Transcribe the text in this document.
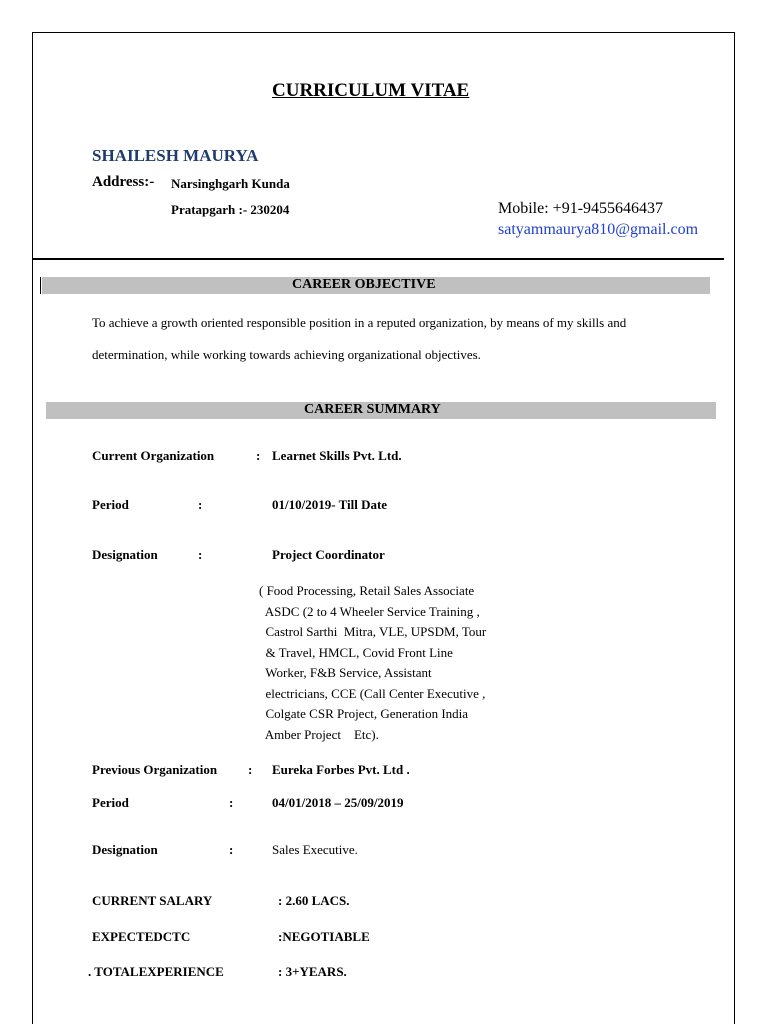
CURRICULUM VITAE
SHAILESH MAURYA
Address:- Narsinghgarh Kunda
Pratapgarh :- 230204	Mobile: +91-9455646437
satyammaurya810@gmail.com
CAREER OBJECTIVE
To achieve a growth oriented responsible position in a reputed organization, by means of my skills and
determination, while working towards achieving organizational objectives.
CAREER SUMMARY
Current Organization	: Learnet Skills Pvt. Ltd.
Period	:	01/10/2019- Till Date
Designation	:	Project Coordinator
( Food Processing, Retail Sales Associate
ASDC (2 to 4 Wheeler Service Training ,
Castrol Sarthi  Mitra, VLE, UPSDM, Tour
& Travel, HMCL, Covid Front Line
Worker, F&B Service, Assistant
electricians, CCE (Call Center Executive ,
Colgate CSR Project, Generation India
Amber Project    Etc).
Previous Organization : Eureka Forbes Pvt. Ltd .
Period	:	04/01/2018 – 25/09/2019
Designation	:	Sales Executive.
CURRENT SALARY	: 2.60 LACS.
EXPECTEDCTC	:NEGOTIABLE
. TOTALEXPERIENCE	: 3+YEARS.
